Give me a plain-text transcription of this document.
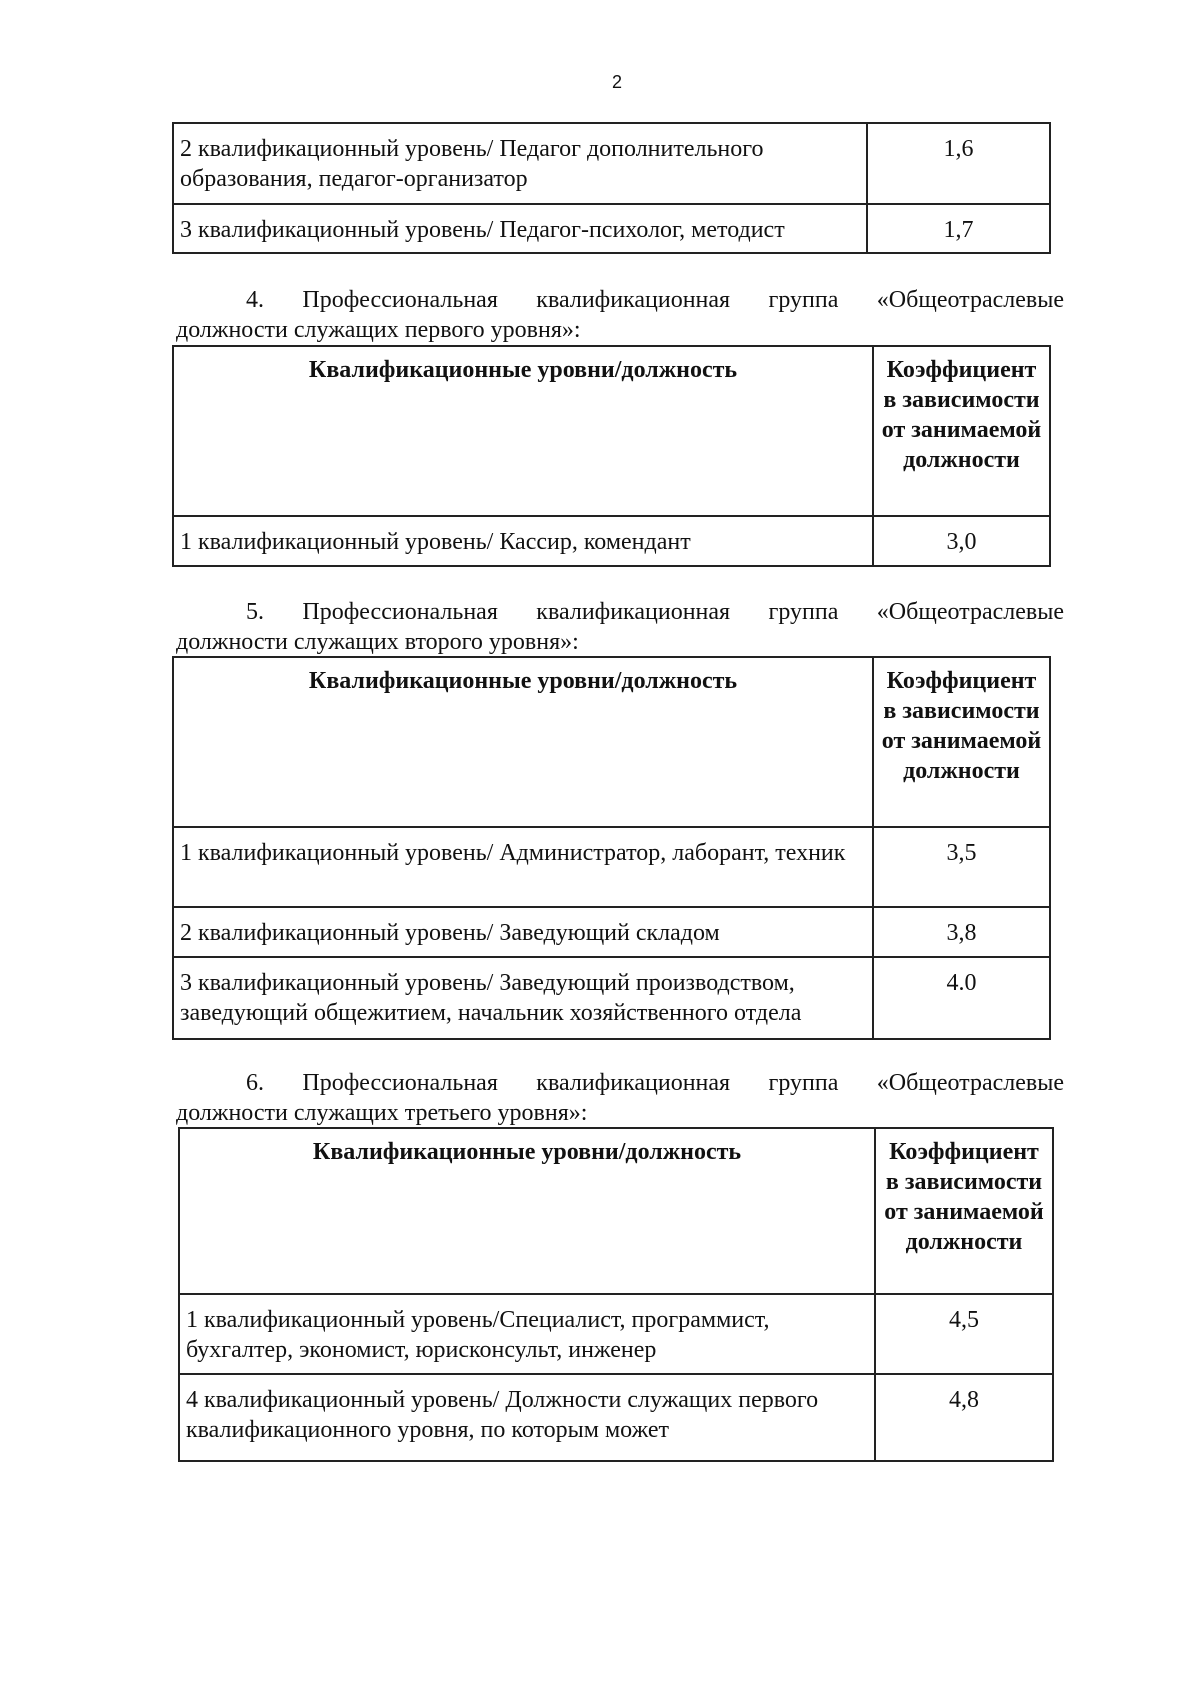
2
2 квалификационный уровень/ Педагог дополнительного образования, педагог-организатор	1,6
3 квалификационный уровень/ Педагог-психолог, методист	1,7
4. Профессиональная квалификационная группа «Общеотраслевые
должности служащих первого уровня»:
Квалификационные уровни/должность	Коэффициент в зависимости от занимаемой должности
1 квалификационный уровень/ Кассир, комендант	3,0
5. Профессиональная квалификационная группа «Общеотраслевые
должности служащих второго уровня»:
Квалификационные уровни/должность	Коэффициент в зависимости от занимаемой должности
1 квалификационный уровень/ Администратор, лаборант, техник	3,5
2 квалификационный уровень/ Заведующий складом	3,8
3 квалификационный уровень/ Заведующий производством, заведующий общежитием, начальник хозяйственного отдела	4.0
6. Профессиональная квалификационная группа «Общеотраслевые
должности служащих третьего уровня»:
Квалификационные уровни/должность	Коэффициент в зависимости от занимаемой должности
1 квалификационный уровень/Специалист, программист, бухгалтер, экономист, юрисконсульт, инженер	4,5
4 квалификационный уровень/ Должности служащих первого квалификационного уровня, по которым может	4,8
